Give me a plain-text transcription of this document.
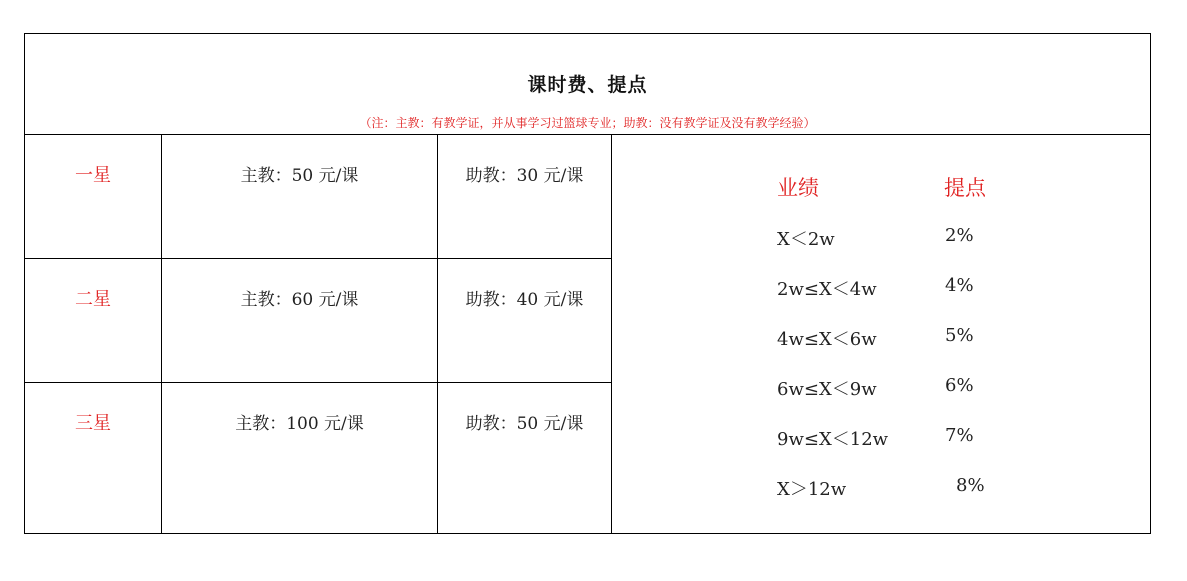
课时费、提点
（注：主教：有教学证，并从事学习过篮球专业；助教：没有教学证及没有教学经验）
一星	主教：50 元/课	助教：30 元/课
二星	主教：60 元/课	助教：40 元/课
三星	主教：100 元/课	助教：50 元/课
业绩	提点
X＜2w	2%
2w≤X＜4w	4%
4w≤X＜6w	5%
6w≤X＜9w	6%
9w≤X＜12w	7%
X＞12w	8%
